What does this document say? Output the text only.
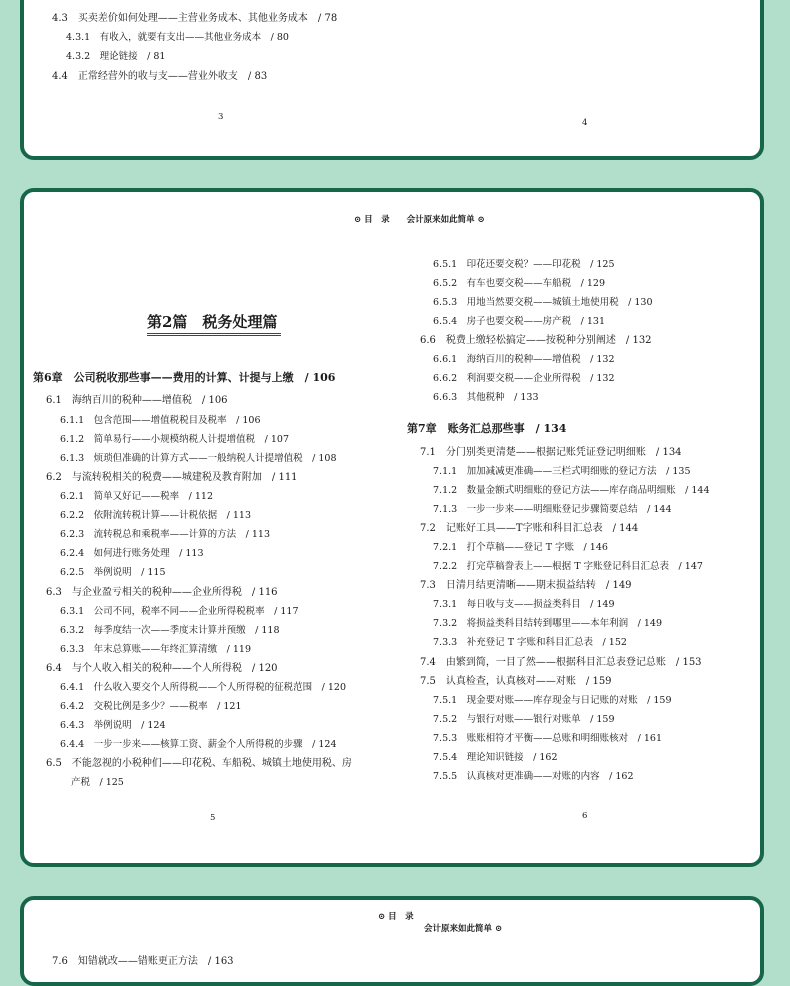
4.3　买卖差价如何处理——主营业务成本、其他业务成本　/ 78
4.3.1　有收入，就要有支出——其他业务成本　/ 80
4.3.2　理论链接　/ 81
4.4　正常经营外的收与支——营业外收支　/ 83
3
4
⊙ 目　录　　会计原来如此简单 ⊙
第2篇　税务处理篇
5	6
第6章　公司税收那些事——费用的计算、计提与上缴　/ 106
6.1　海纳百川的税种——增值税　/ 106
6.1.1　包含范围——增值税税目及税率　/ 106
6.1.2　简单易行——小规模纳税人计提增值税　/ 107
6.1.3　烦琐但准确的计算方式——一般纳税人计提增值税　/ 108
6.2　与流转税相关的税费——城建税及教育附加　/ 111
6.2.1　简单又好记——税率　/ 112
6.2.2　依附流转税计算——计税依据　/ 113
6.2.3　流转税总和乘税率——计算的方法　/ 113
6.2.4　如何进行账务处理　/ 113
6.2.5　举例说明　/ 115
6.3　与企业盈亏相关的税种——企业所得税　/ 116
6.3.1　公司不同，税率不同——企业所得税税率　/ 117
6.3.2　每季度结一次——季度末计算并预缴　/ 118
6.3.3　年末总算账——年终汇算清缴　/ 119
6.4　与个人收入相关的税种——个人所得税　/ 120
6.4.1　什么收入要交个人所得税——个人所得税的征税范围　/ 120
6.4.2　交税比例是多少？——税率　/ 121
6.4.3　举例说明　/ 124
6.4.4　一步一步来——核算工资、薪金个人所得税的步骤　/ 124
6.5　不能忽视的小税种们——印花税、车船税、城镇土地使用税、房
产税　/ 125
6.5.1　印花还要交税？——印花税　/ 125
6.5.2　有车也要交税——车船税　/ 129
6.5.3　用地当然要交税——城镇土地使用税　/ 130
6.5.4　房子也要交税——房产税　/ 131
6.6　税费上缴轻松搞定——按税种分别阐述　/ 132
6.6.1　海纳百川的税种——增值税　/ 132
6.6.2　利润要交税——企业所得税　/ 132
6.6.3　其他税种　/ 133
第7章　账务汇总那些事　/ 134
7.1　分门别类更清楚——根据记账凭证登记明细账　/ 134
7.1.1　加加减减更准确——三栏式明细账的登记方法　/ 135
7.1.2　数量金额式明细账的登记方法——库存商品明细账　/ 144
7.1.3　一步一步来——明细账登记步骤简要总结　/ 144
7.2　记账好工具——T字账和科目汇总表　/ 144
7.2.1　打个草稿——登记 T 字账　/ 146
7.2.2　打完草稿誊表上——根据 T 字账登记科目汇总表　/ 147
7.3　日清月结更清晰——期末损益结转　/ 149
7.3.1　每日收与支——损益类科目　/ 149
7.3.2　将损益类科目结转到哪里——本年利润　/ 149
7.3.3　补充登记 T 字账和科目汇总表　/ 152
7.4　由繁到简，一目了然——根据科目汇总表登记总账　/ 153
7.5　认真检查，认真核对——对账　/ 159
7.5.1　现金要对账——库存现金与日记账的对账　/ 159
7.5.2　与银行对账——银行对账单　/ 159
7.5.3　账账相符才平衡——总账和明细账核对　/ 161
7.5.4　理论知识链接　/ 162
7.5.5　认真核对更准确——对账的内容　/ 162
⊙ 目　录
会计原来如此简单 ⊙
7.6　知错就改——错账更正方法　/ 163
